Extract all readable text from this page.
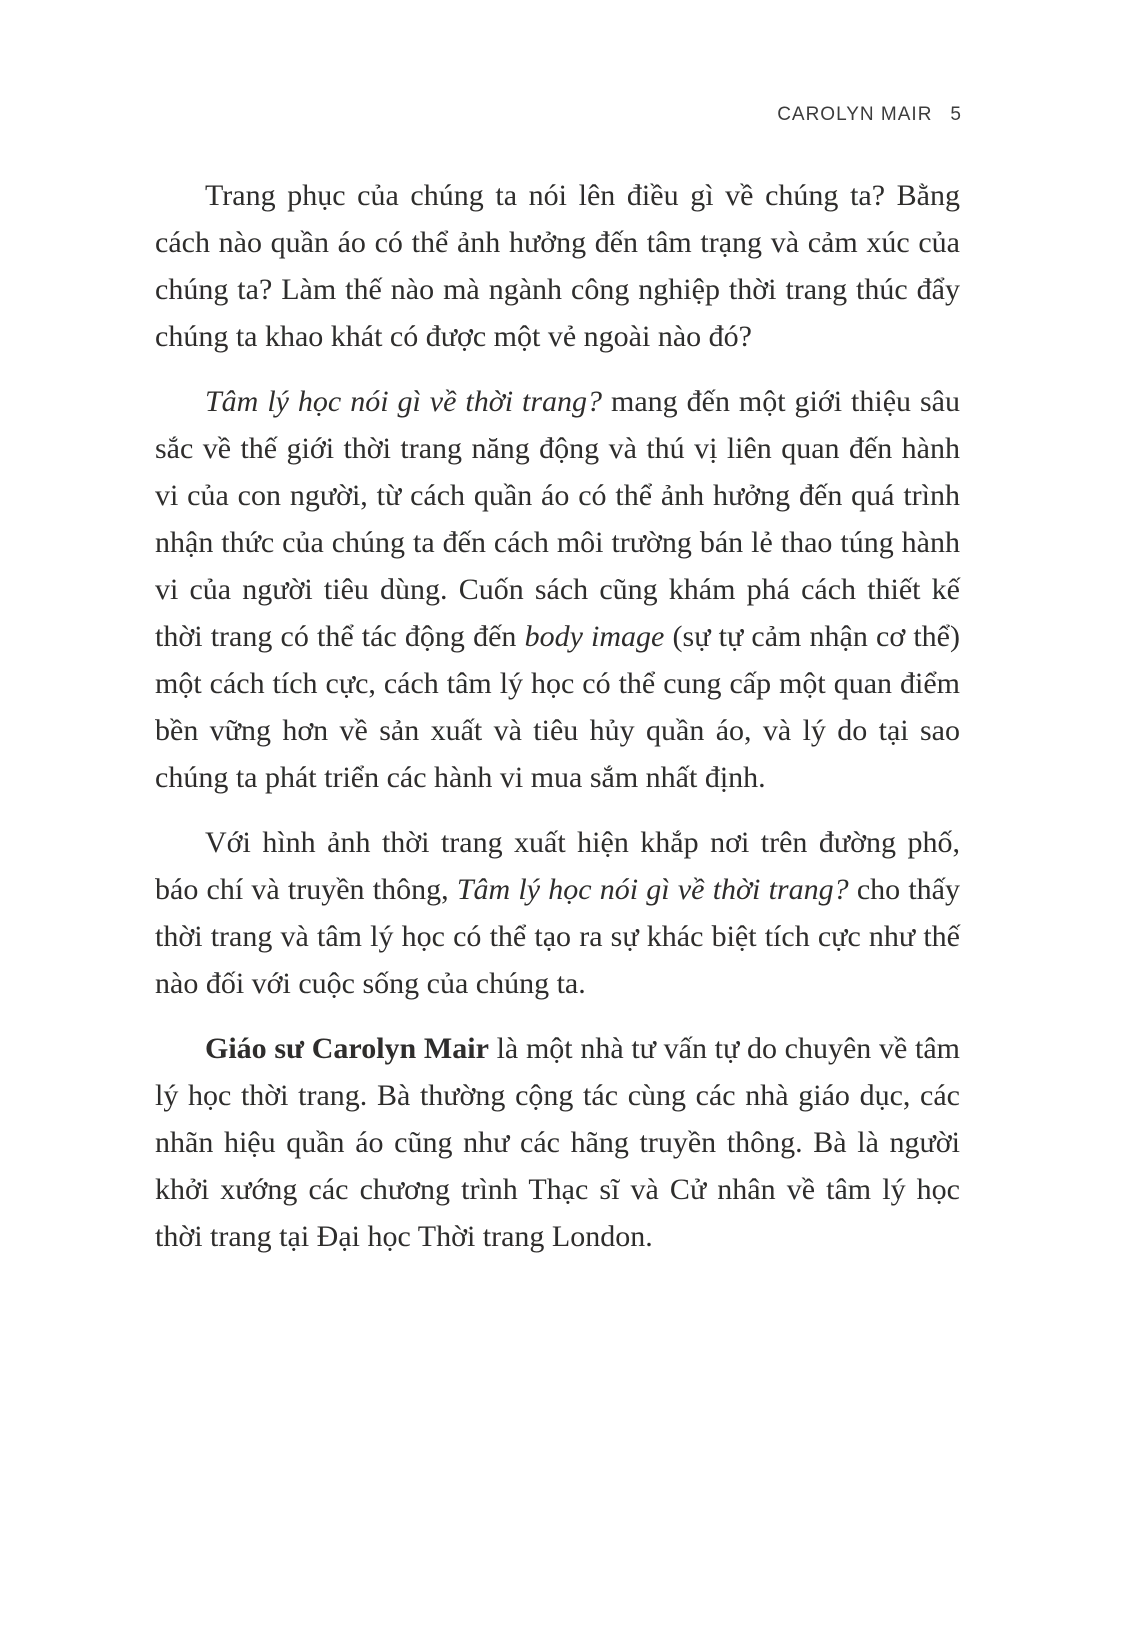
CAROLYN MAIR 5

Trang phục của chúng ta nói lên điều gì về chúng ta? Bằng cách nào quần áo có thể ảnh hưởng đến tâm trạng và cảm xúc của chúng ta? Làm thế nào mà ngành công nghiệp thời trang thúc đẩy chúng ta khao khát có được một vẻ ngoài nào đó?

Tâm lý học nói gì về thời trang? mang đến một giới thiệu sâu sắc về thế giới thời trang năng động và thú vị liên quan đến hành vi của con người, từ cách quần áo có thể ảnh hưởng đến quá trình nhận thức của chúng ta đến cách môi trường bán lẻ thao túng hành vi của người tiêu dùng. Cuốn sách cũng khám phá cách thiết kế thời trang có thể tác động đến body image (sự tự cảm nhận cơ thể) một cách tích cực, cách tâm lý học có thể cung cấp một quan điểm bền vững hơn về sản xuất và tiêu hủy quần áo, và lý do tại sao chúng ta phát triển các hành vi mua sắm nhất định.

Với hình ảnh thời trang xuất hiện khắp nơi trên đường phố, báo chí và truyền thông, Tâm lý học nói gì về thời trang? cho thấy thời trang và tâm lý học có thể tạo ra sự khác biệt tích cực như thế nào đối với cuộc sống của chúng ta.

Giáo sư Carolyn Mair là một nhà tư vấn tự do chuyên về tâm lý học thời trang. Bà thường cộng tác cùng các nhà giáo dục, các nhãn hiệu quần áo cũng như các hãng truyền thông. Bà là người khởi xướng các chương trình Thạc sĩ và Cử nhân về tâm lý học thời trang tại Đại học Thời trang London.
